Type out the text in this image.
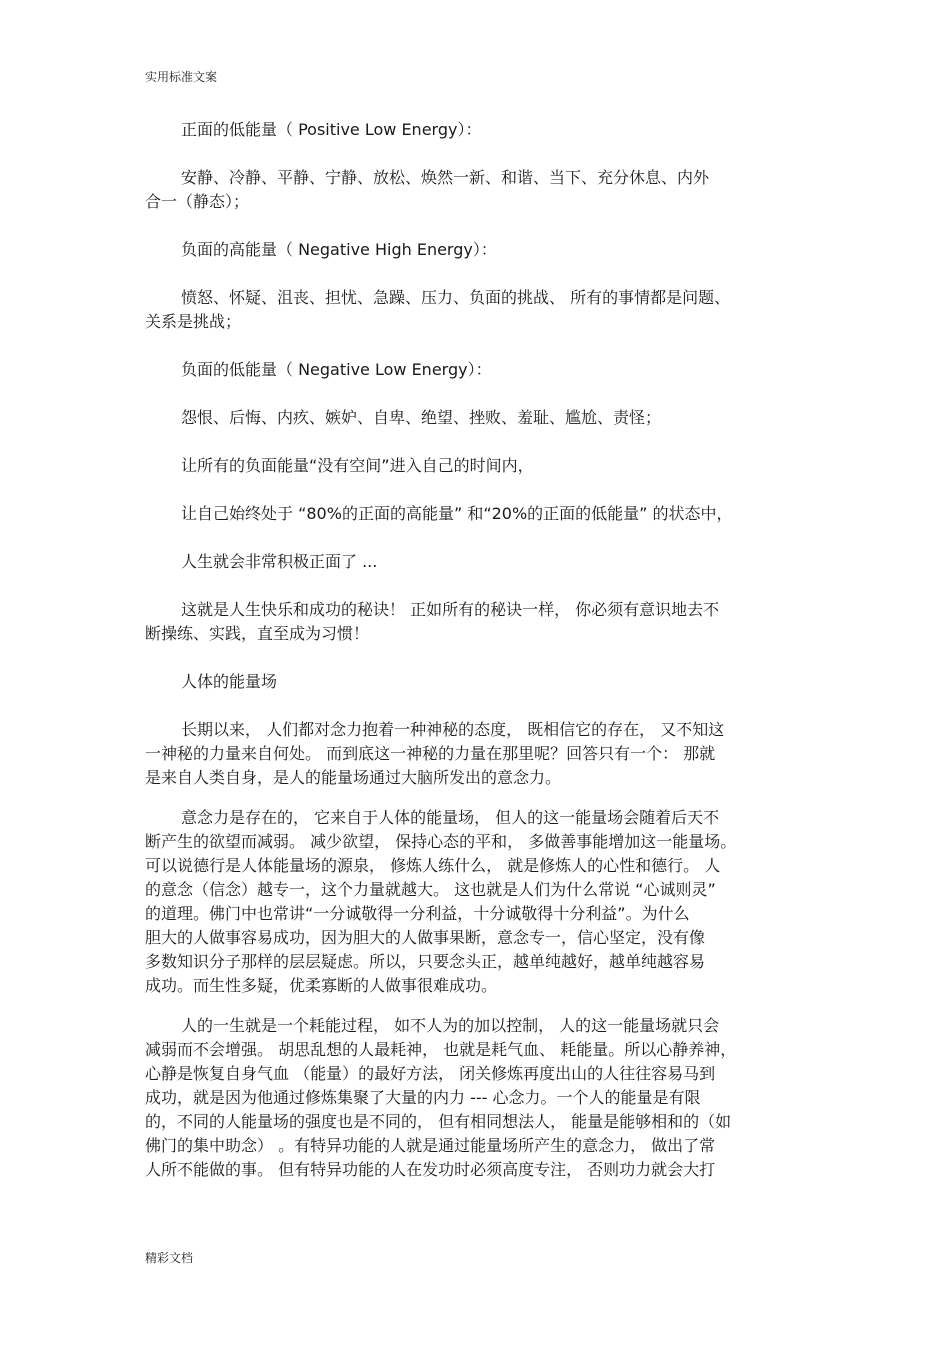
实用标准文案
正面的低能量（ Positive Low Energy）：
安静、冷静、平静、宁静、放松、焕然一新、和谐、当下、充分休息、内外
合一（静态）；
负面的高能量（ Negative High Energy）：
愤怒、怀疑、沮丧、担忧、急躁、压力、负面的挑战、 所有的事情都是问题、
关系是挑战；
负面的低能量（ Negative Low Energy）：
怨恨、后悔、内疚、嫉妒、自卑、绝望、挫败、羞耻、尴尬、责怪；
让所有的负面能量“没有空间”进入自己的时间内，
让自己始终处于 “80%的正面的高能量” 和“20%的正面的低能量” 的状态中，
人生就会非常积极正面了 ...
这就是人生快乐和成功的秘诀！ 正如所有的秘诀一样， 你必须有意识地去不
断操练、实践，直至成为习惯！
人体的能量场
长期以来， 人们都对念力抱着一种神秘的态度， 既相信它的存在， 又不知这
一神秘的力量来自何处。 而到底这一神秘的力量在那里呢？回答只有一个： 那就
是来自人类自身，是人的能量场通过大脑所发出的意念力。
意念力是存在的， 它来自于人体的能量场， 但人的这一能量场会随着后天不
断产生的欲望而减弱。 减少欲望， 保持心态的平和， 多做善事能增加这一能量场。
可以说德行是人体能量场的源泉， 修炼人练什么， 就是修炼人的心性和德行。 人
的意念（信念）越专一，这个力量就越大。 这也就是人们为什么常说 “心诚则灵”
的道理。佛门中也常讲“一分诚敬得一分利益，十分诚敬得十分利益”。为什么
胆大的人做事容易成功，因为胆大的人做事果断，意念专一，信心坚定，没有像
多数知识分子那样的层层疑虑。所以，只要念头正，越单纯越好，越单纯越容易
成功。而生性多疑，优柔寡断的人做事很难成功。
人的一生就是一个耗能过程， 如不人为的加以控制， 人的这一能量场就只会
减弱而不会增强。 胡思乱想的人最耗神， 也就是耗气血、 耗能量。所以心静养神，
心静是恢复自身气血 （能量）的最好方法， 闭关修炼再度出山的人往往容易马到
成功，就是因为他通过修炼集聚了大量的内力 --- 心念力。一个人的能量是有限
的，不同的人能量场的强度也是不同的， 但有相同想法人， 能量是能够相和的（如
佛门的集中助念） 。有特异功能的人就是通过能量场所产生的意念力， 做出了常
人所不能做的事。 但有特异功能的人在发功时必须高度专注， 否则功力就会大打
精彩文档
